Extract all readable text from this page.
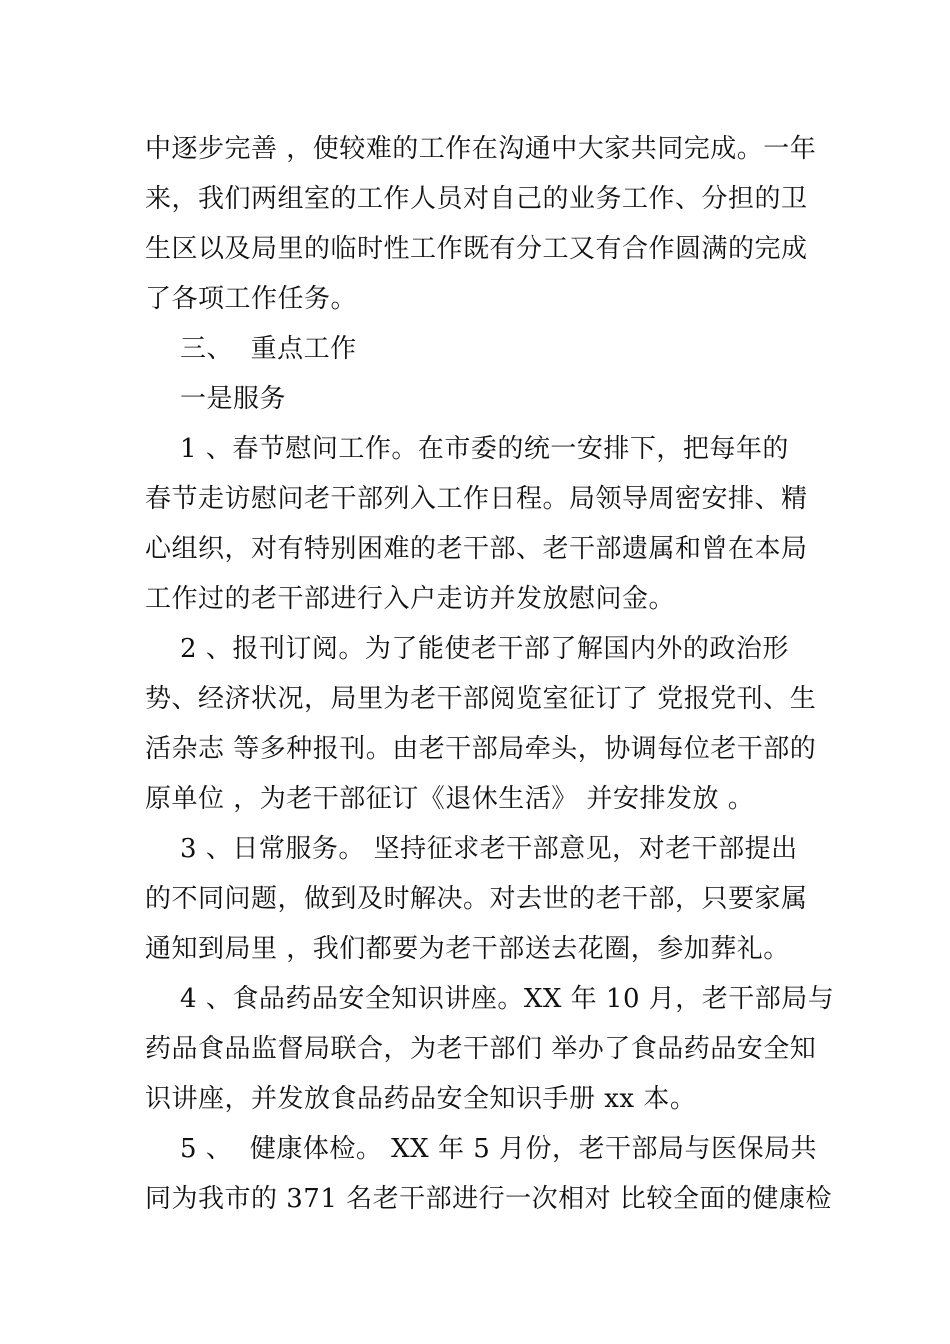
中逐步完善 ，使较难的工作在沟通中大家共同完成。一年
来，我们两组室的工作人员对自己的业务工作、分担的卫
生区以及局里的临时性工作既有分工又有合作圆满的完成
了各项工作任务。
三、  重点工作
一是服务
1 、春节慰问工作。在市委的统一安排下，把每年的
春节走访慰问老干部列入工作日程。局领导周密安排、精
心组织，对有特别困难的老干部、老干部遗属和曾在本局
工作过的老干部进行入户走访并发放慰问金。
2 、报刊订阅。为了能使老干部了解国内外的政治形
势、经济状况，局里为老干部阅览室征订了 党报党刊、生
活杂志 等多种报刊。由老干部局牵头，协调每位老干部的
原单位 ，为老干部征订《退休生活》 并安排发放 。
3 、日常服务。 坚持征求老干部意见，对老干部提出
的不同问题，做到及时解决。对去世的老干部，只要家属
通知到局里 ，我们都要为老干部送去花圈，参加葬礼。
4 、食品药品安全知识讲座。XX 年 10 月，老干部局与
药品食品监督局联合，为老干部们 举办了食品药品安全知
识讲座，并发放食品药品安全知识手册 xx 本。
5 、  健康体检。 XX 年 5 月份，老干部局与医保局共
同为我市的 371 名老干部进行一次相对 比较全面的健康检
